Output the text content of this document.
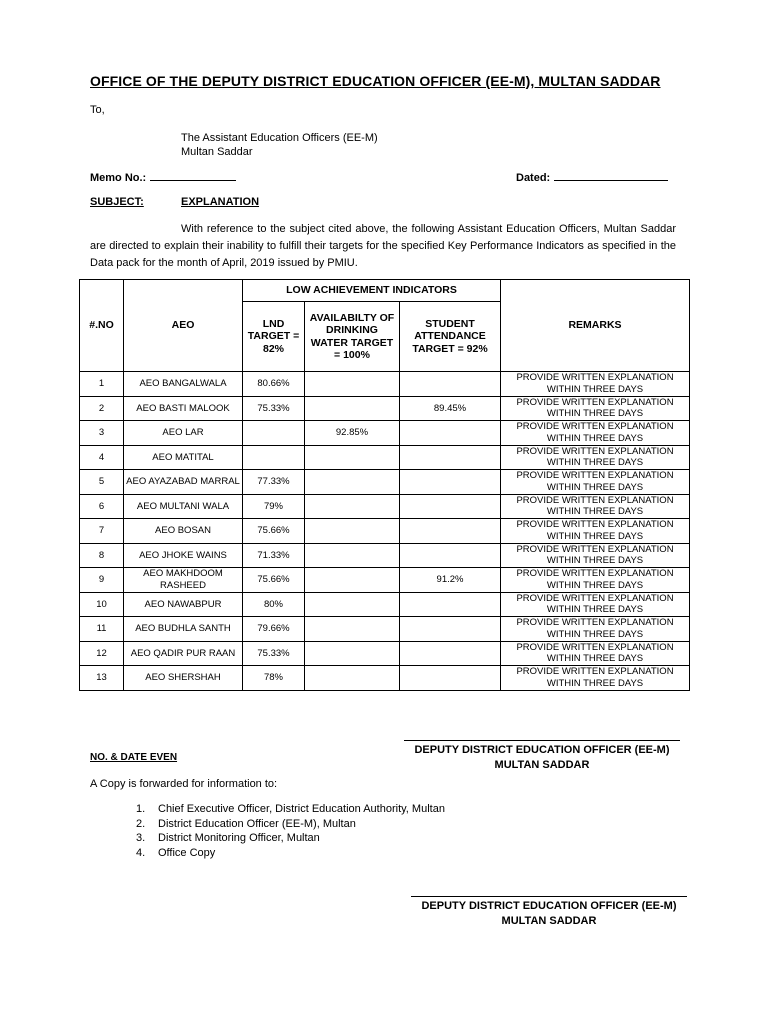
OFFICE OF THE DEPUTY DISTRICT EDUCATION OFFICER (EE-M), MULTAN SADDAR
To,
The Assistant Education Officers (EE-M)
Multan Saddar
Memo No.:	Dated:
SUBJECT:	EXPLANATION
With reference to the subject cited above, the following Assistant Education Officers, Multan Saddar are directed to explain their inability to fulfill their targets for the specified Key Performance Indicators as specified in the Data pack for the month of April, 2019 issued by PMIU.
#.NO	AEO	LOW ACHIEVEMENT INDICATORS			REMARKS
		LND TARGET = 82%	AVAILABILTY OF DRINKING WATER TARGET = 100%	STUDENT ATTENDANCE TARGET = 92%	
1	AEO BANGALWALA	80.66%			PROVIDE WRITTEN EXPLANATION WITHIN THREE DAYS
2	AEO BASTI MALOOK	75.33%		89.45%	PROVIDE WRITTEN EXPLANATION WITHIN THREE DAYS
3	AEO LAR		92.85%		PROVIDE WRITTEN EXPLANATION WITHIN THREE DAYS
4	AEO MATITAL				PROVIDE WRITTEN EXPLANATION WITHIN THREE DAYS
5	AEO AYAZABAD MARRAL	77.33%			PROVIDE WRITTEN EXPLANATION WITHIN THREE DAYS
6	AEO MULTANI WALA	79%			PROVIDE WRITTEN EXPLANATION WITHIN THREE DAYS
7	AEO BOSAN	75.66%			PROVIDE WRITTEN EXPLANATION WITHIN THREE DAYS
8	AEO JHOKE WAINS	71.33%			PROVIDE WRITTEN EXPLANATION WITHIN THREE DAYS
9	AEO MAKHDOOM RASHEED	75.66%		91.2%	PROVIDE WRITTEN EXPLANATION WITHIN THREE DAYS
10	AEO NAWABPUR	80%			PROVIDE WRITTEN EXPLANATION WITHIN THREE DAYS
11	AEO BUDHLA SANTH	79.66%			PROVIDE WRITTEN EXPLANATION WITHIN THREE DAYS
12	AEO QADIR PUR RAAN	75.33%			PROVIDE WRITTEN EXPLANATION WITHIN THREE DAYS
13	AEO SHERSHAH	78%			PROVIDE WRITTEN EXPLANATION WITHIN THREE DAYS
DEPUTY DISTRICT EDUCATION OFFICER (EE-M)
MULTAN SADDAR
NO. & DATE EVEN
A Copy is forwarded for information to:
1. Chief Executive Officer, District Education Authority, Multan
2. District Education Officer (EE-M), Multan
3. District Monitoring Officer, Multan
4. Office Copy
DEPUTY DISTRICT EDUCATION OFFICER (EE-M)
MULTAN SADDAR
